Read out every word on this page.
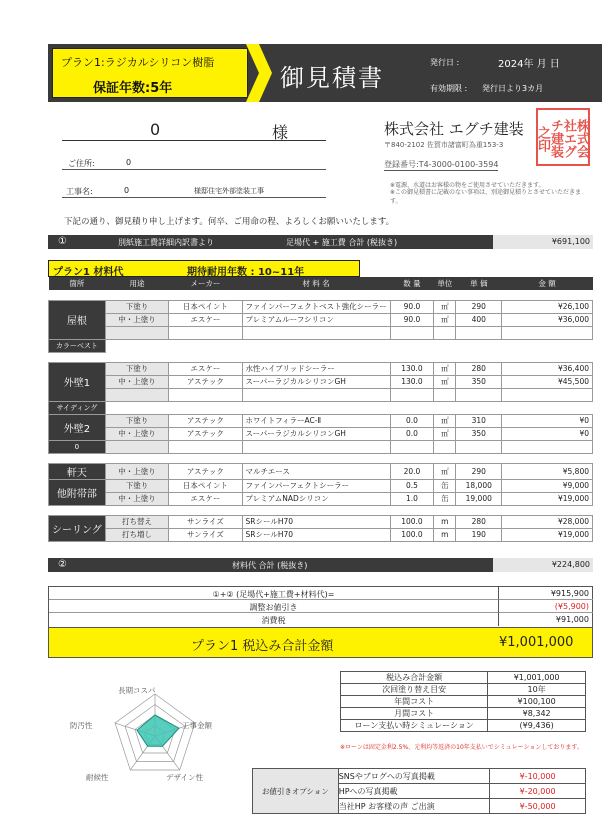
プラン1:ラジカルシリコン樹脂
保証年数:5年	御見積書
発行日 :	2024年 月 日
有効期限 : 発行日より3カ月
0	様
ご住所:	0
工事名:	0	様邸住宅外部塗装工事
株式会社 エグチ建装
〒840-2102 佐賀市諸富町為重153-3
登録番号:T4-3000-0100-3594
※電源、水道はお客様の物をご使用させていただきます。
※この御見積書に記載のない事項は、別途御見積りとさせていただきます。
株式会社エグチ建装之印
下記の通り、御見積り申し上げます。何卒、ご用命の程、よろしくお願いいたします。
①	別紙施工費詳細内訳書より	足場代 + 施工費 合計 (税抜き)	¥691,100
プラン1 材料代	期待耐用年数 : 10~11年
箇所	用途	メーカー	材 料 名	数 量	単位	単 価	金 額

屋根	下塗り	日本ペイント	ファインパーフェクトベスト強化シーラー	90.0	㎡	290	¥26,100
	中・上塗り	エスケー	プレミアムルーフシリコン	90.0	㎡	400	¥36,000

カラーベスト							

外壁1	下塗り	エスケー	水性ハイブリッドシーラー	130.0	㎡	280	¥36,400
	中・上塗り	アステック	スーパーラジカルシリコンGH	130.0	㎡	350	¥45,500

サイディング							
外壁2	下塗り	アステック	ホワイトフィラーAC-Ⅱ	0.0	㎡	310	¥0
	中・上塗り	アステック	スーパーラジカルシリコンGH	0.0	㎡	350	¥0
0							

軒天	中・上塗り	アステック	マルチエース	20.0	㎡	290	¥5,800
他附帯部	下塗り	日本ペイント	ファインパーフェクトシーラー	0.5	缶	18,000	¥9,000
	中・上塗り	エスケー	プレミアムNADシリコン	1.0	缶	19,000	¥19,000

シーリング	打ち替え	サンライズ	SRシールH70	100.0	m	280	¥28,000
	打ち増し	サンライズ	SRシールH70	100.0	m	190	¥19,000
②	材料代 合計 (税抜き)	¥224,800
①+② (足場代+施工費+材料代)=	¥915,900
調整お値引き	(¥5,900)
消費税	¥91,000
プラン1 税込み合計金額	¥1,001,000
長期コスパ
工事金額
デザイン性
耐候性
防汚性
税込み合計金額	¥1,001,000
次回塗り替え目安	10年
年間コスト	¥100,100
月間コスト	¥8,342
ローン支払い時シミュレーション	(¥9,436)
※ローンは固定金利2.5%、元利均等返済の10年支払いでシミュレーションしております。
お値引きオプション	SNSやブログへの写真掲載	¥-10,000
	HPへの写真掲載	¥-20,000
	当社HP お客様の声 ご出演	¥-50,000
